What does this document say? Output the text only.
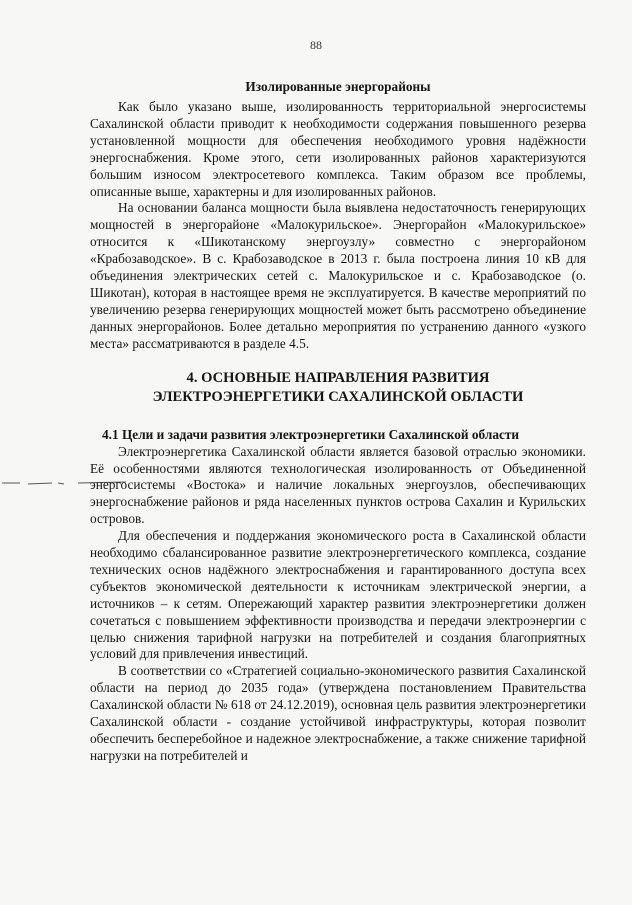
88
Изолированные энергорайоны

Как было указано выше, изолированность территориальной энергосистемы Сахалинской области приводит к необходимости содержания повышенного резерва установленной мощности для обеспечения необходимого уровня надёжности энергоснабжения. Кроме этого, сети изолированных районов характеризуются большим износом электросетевого комплекса. Таким образом все проблемы, описанные выше, характерны и для изолированных районов.

На основании баланса мощности была выявлена недостаточность генерирующих мощностей в энергорайоне «Малокурильское». Энергорайон «Малокурильское» относится к «Шикотанскому энергоузлу» совместно с энергорайоном «Крабозаводское». В с. Крабозаводское в 2013 г. была построена линия 10 кВ для объединения электрических сетей с. Малокурильское и с. Крабозаводское (о. Шикотан), которая в настоящее время не эксплуатируется. В качестве мероприятий по увеличению резерва генерирующих мощностей может быть рассмотрено объединение данных энергорайонов. Более детально мероприятия по устранению данного «узкого места» рассматриваются в разделе 4.5.

4. ОСНОВНЫЕ НАПРАВЛЕНИЯ РАЗВИТИЯ
ЭЛЕКТРОЭНЕРГЕТИКИ САХАЛИНСКОЙ ОБЛАСТИ
4.1 Цели и задачи развития электроэнергетики Сахалинской области

Электроэнергетика Сахалинской области является базовой отраслью экономики. Её особенностями являются технологическая изолированность от Объединенной энергосистемы «Востока» и наличие локальных энергоузлов, обеспечивающих энергоснабжение районов и ряда населенных пунктов острова Сахалин и Курильских островов.

Для обеспечения и поддержания экономического роста в Сахалинской области необходимо сбалансированное развитие электроэнергетического комплекса, создание технических основ надёжного электроснабжения и гарантированного доступа всех субъектов экономической деятельности к источникам электрической энергии, а источников – к сетям. Опережающий характер развития электроэнергетики должен сочетаться с повышением эффективности производства и передачи электроэнергии с целью снижения тарифной нагрузки на потребителей и создания благоприятных условий для привлечения инвестиций.

В соответствии со «Стратегией социально-экономического развития Сахалинской области на период до 2035 года» (утверждена постановлением Правительства Сахалинской области № 618 от 24.12.2019), основная цель развития электроэнергетики Сахалинской области - создание устойчивой инфраструктуры, которая позволит обеспечить бесперебойное и надежное электроснабжение, а также снижение тарифной нагрузки на потребителей и
